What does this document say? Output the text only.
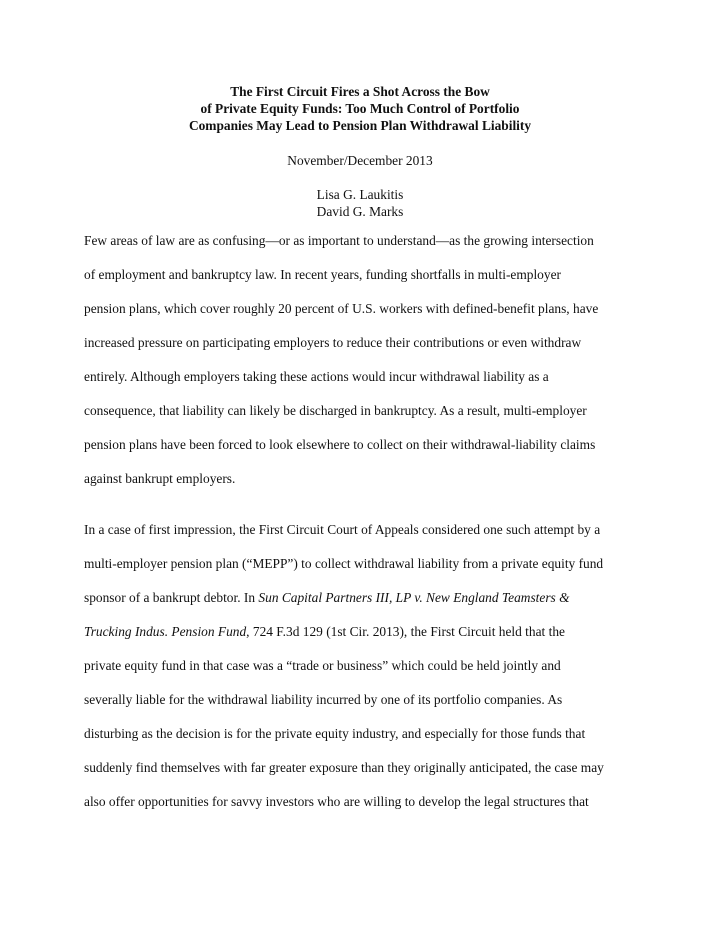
The First Circuit Fires a Shot Across the Bow
of Private Equity Funds: Too Much Control of Portfolio
Companies May Lead to Pension Plan Withdrawal Liability
November/December 2013
Lisa G. Laukitis
David G. Marks
Few areas of law are as confusing—or as important to understand—as the growing intersection
of employment and bankruptcy law. In recent years, funding shortfalls in multi-employer
pension plans, which cover roughly 20 percent of U.S. workers with defined-benefit plans, have
increased pressure on participating employers to reduce their contributions or even withdraw
entirely. Although employers taking these actions would incur withdrawal liability as a
consequence, that liability can likely be discharged in bankruptcy. As a result, multi-employer
pension plans have been forced to look elsewhere to collect on their withdrawal-liability claims
against bankrupt employers.
In a case of first impression, the First Circuit Court of Appeals considered one such attempt by a
multi-employer pension plan (“MEPP”) to collect withdrawal liability from a private equity fund
sponsor of a bankrupt debtor. In Sun Capital Partners III, LP v. New England Teamsters &
Trucking Indus. Pension Fund, 724 F.3d 129 (1st Cir. 2013), the First Circuit held that the
private equity fund in that case was a “trade or business” which could be held jointly and
severally liable for the withdrawal liability incurred by one of its portfolio companies. As
disturbing as the decision is for the private equity industry, and especially for those funds that
suddenly find themselves with far greater exposure than they originally anticipated, the case may
also offer opportunities for savvy investors who are willing to develop the legal structures that
